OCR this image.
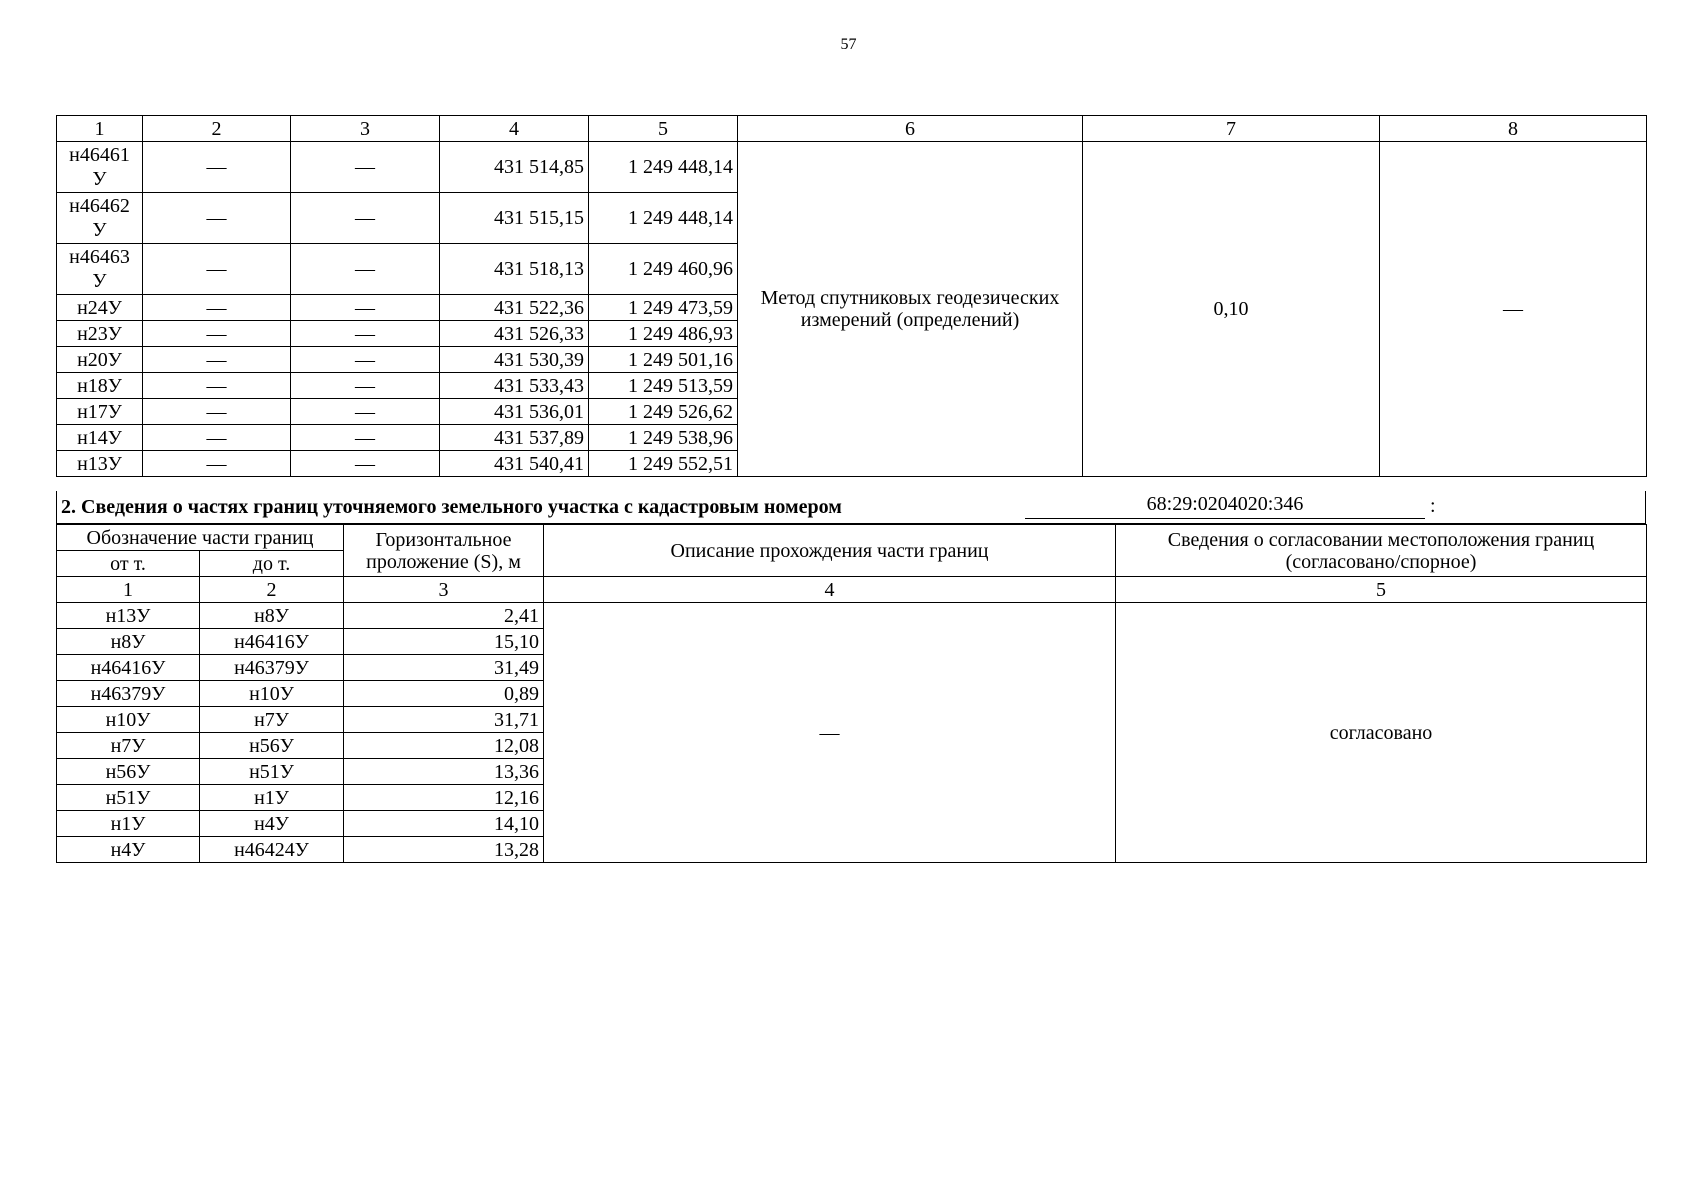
57
1	2	3	4	5	6	7	8
н46461 У	—	—	431 514,85	1 249 448,14	Метод спутниковых геодезических измерений (определений)	0,10	—
н46462 У	—	—	431 515,15	1 249 448,14			
н46463 У	—	—	431 518,13	1 249 460,96			
н24У	—	—	431 522,36	1 249 473,59			
н23У	—	—	431 526,33	1 249 486,93			
н20У	—	—	431 530,39	1 249 501,16			
н18У	—	—	431 533,43	1 249 513,59			
н17У	—	—	431 536,01	1 249 526,62			
н14У	—	—	431 537,89	1 249 538,96			
н13У	—	—	431 540,41	1 249 552,51			
2. Сведения о частях границ уточняемого земельного участка с кадастровым номером	68:29:0204020:346	:
Обозначение части границ		Горизонтальное проложение (S), м	Описание прохождения части границ	Сведения о согласовании местоположения границ (согласовано/спорное)
от т.	до т.			
1	2	3	4	5
н13У	н8У	2,41	—	согласовано
н8У	н46416У	15,10		
н46416У	н46379У	31,49		
н46379У	н10У	0,89		
н10У	н7У	31,71		
н7У	н56У	12,08		
н56У	н51У	13,36		
н51У	н1У	12,16		
н1У	н4У	14,10		
н4У	н46424У	13,28		
